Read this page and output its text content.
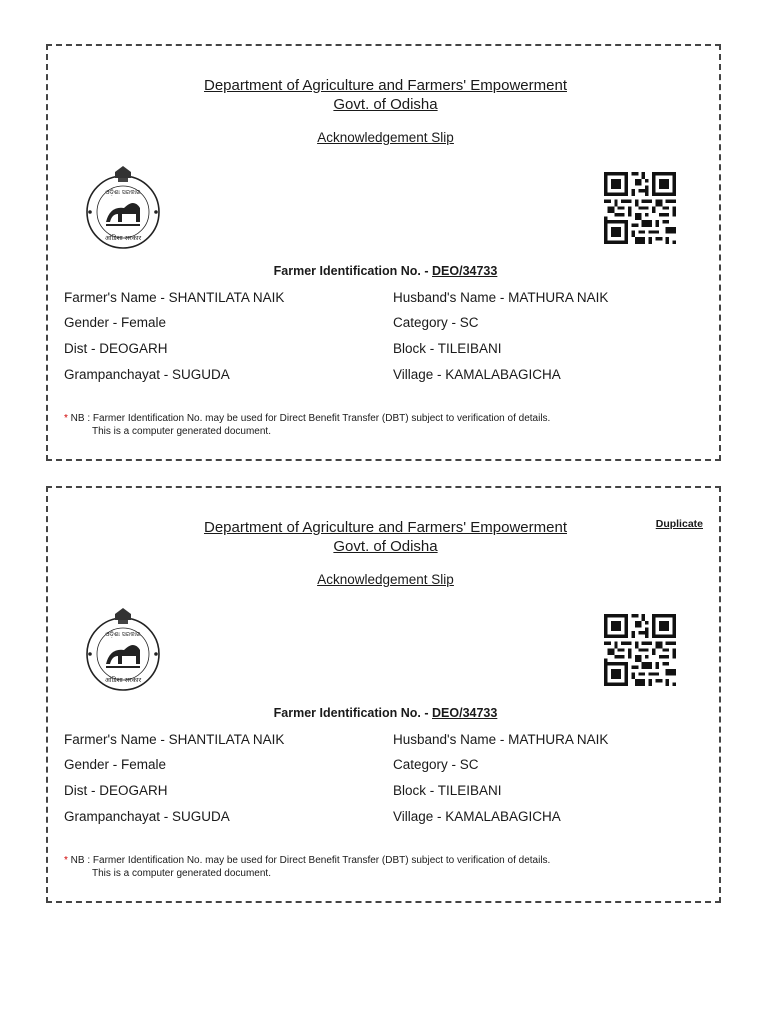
Department of Agriculture and Farmers' Empowerment
Govt. of Odisha
Acknowledgement Slip
ଓଡ଼ିଶା ସରକାର
ओडिशा सरकार
Farmer Identification No. - DEO/34733
Farmer's Name - SHANTILATA NAIK	Husband's Name - MATHURA NAIK
Gender - Female	Category - SC
Dist - DEOGARH	Block - TILEIBANI
Grampanchayat - SUGUDA	Village - KAMALABAGICHA
* NB : Farmer Identification No. may be used for Direct Benefit Transfer (DBT) subject to verification of details.
This is a computer generated document.
Department of Agriculture and Farmers' Empowerment
Govt. of Odisha
Duplicate
Acknowledgement Slip
ଓଡ଼ିଶା ସରକାର
ओडिशा सरकार
Farmer Identification No. - DEO/34733
Farmer's Name - SHANTILATA NAIK	Husband's Name - MATHURA NAIK
Gender - Female	Category - SC
Dist - DEOGARH	Block - TILEIBANI
Grampanchayat - SUGUDA	Village - KAMALABAGICHA
* NB : Farmer Identification No. may be used for Direct Benefit Transfer (DBT) subject to verification of details.
This is a computer generated document.
